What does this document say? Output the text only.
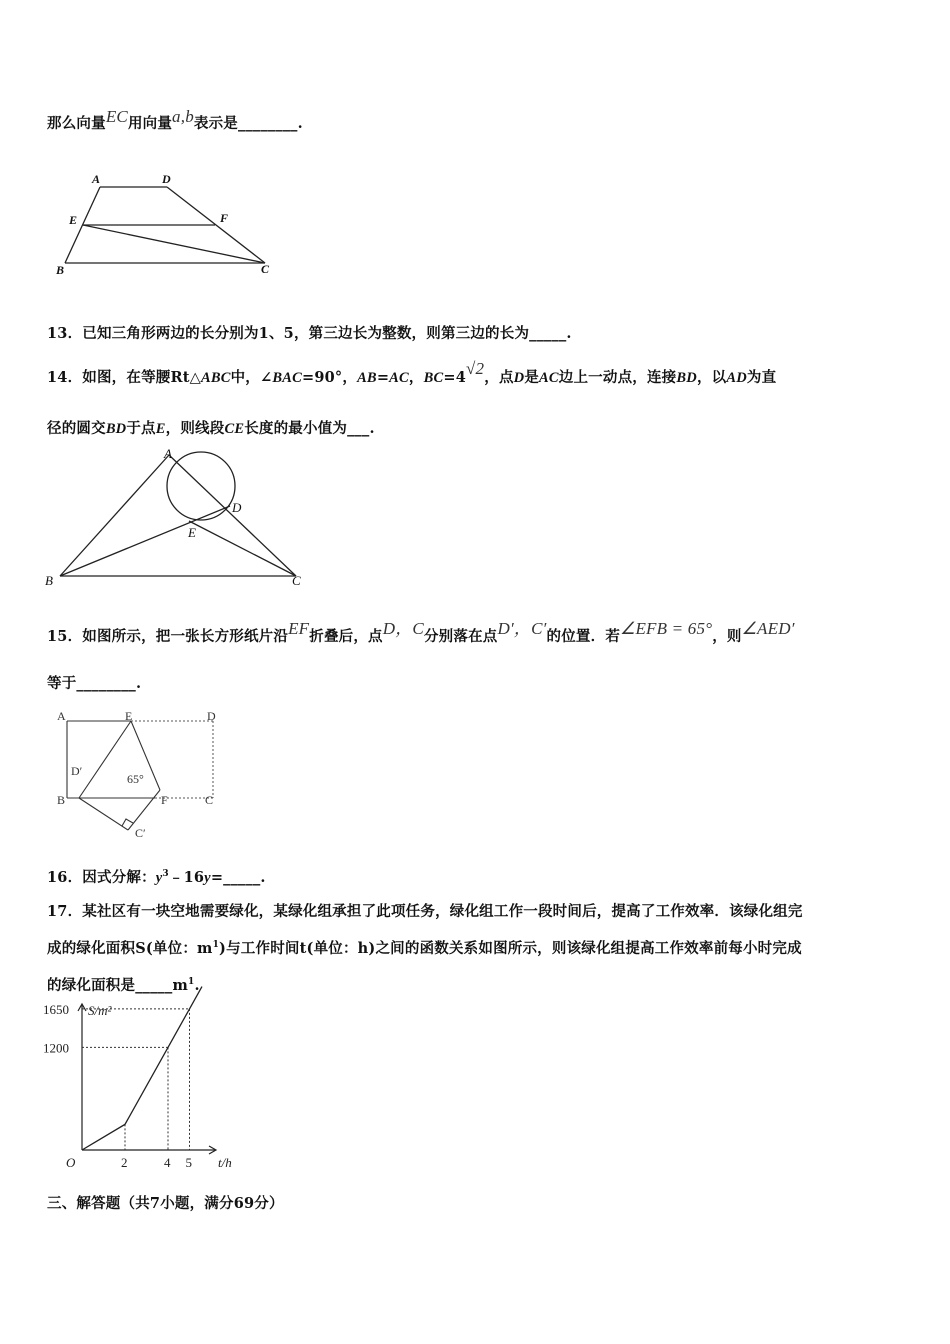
那么向量EC用向量a,b表示是________.
A	D
E	F
B	C
13．已知三角形两边的长分别为1、5，第三边长为整数，则第三边的长为_____.
14．如图，在等腰Rt△ABC中，∠BAC=90°，AB=AC，BC=4√2，点D是AC边上一动点，连接BD，以AD为直
径的圆交BD于点E，则线段CE长度的最小值为___.
A
D
E
B	C
15．如图所示，把一张长方形纸片沿EF折叠后，点D，C分别落在点D′，C′的位置．若∠EFB = 65°，则∠AED′
等于________.
A	E	D
D′
65°
B	F	C
C′
16．因式分解：$y^3﹣16y=\_\_\_\_\_$.
17．某社区有一块空地需要绿化，某绿化组承担了此项任务，绿化组工作一段时间后，提高了工作效率．该绿化组完
成的绿化面积S(单位：$m^1$)与工作时间t(单位：h)之间的函数关系如图所示，则该绿化组提高工作效率前每小时完成
的绿化面积是$\_\_\_\_\_m^1$.
2	4 5
1200
1650
O	t/h
S/m²
三、解答题（共7小题，满分69分）
